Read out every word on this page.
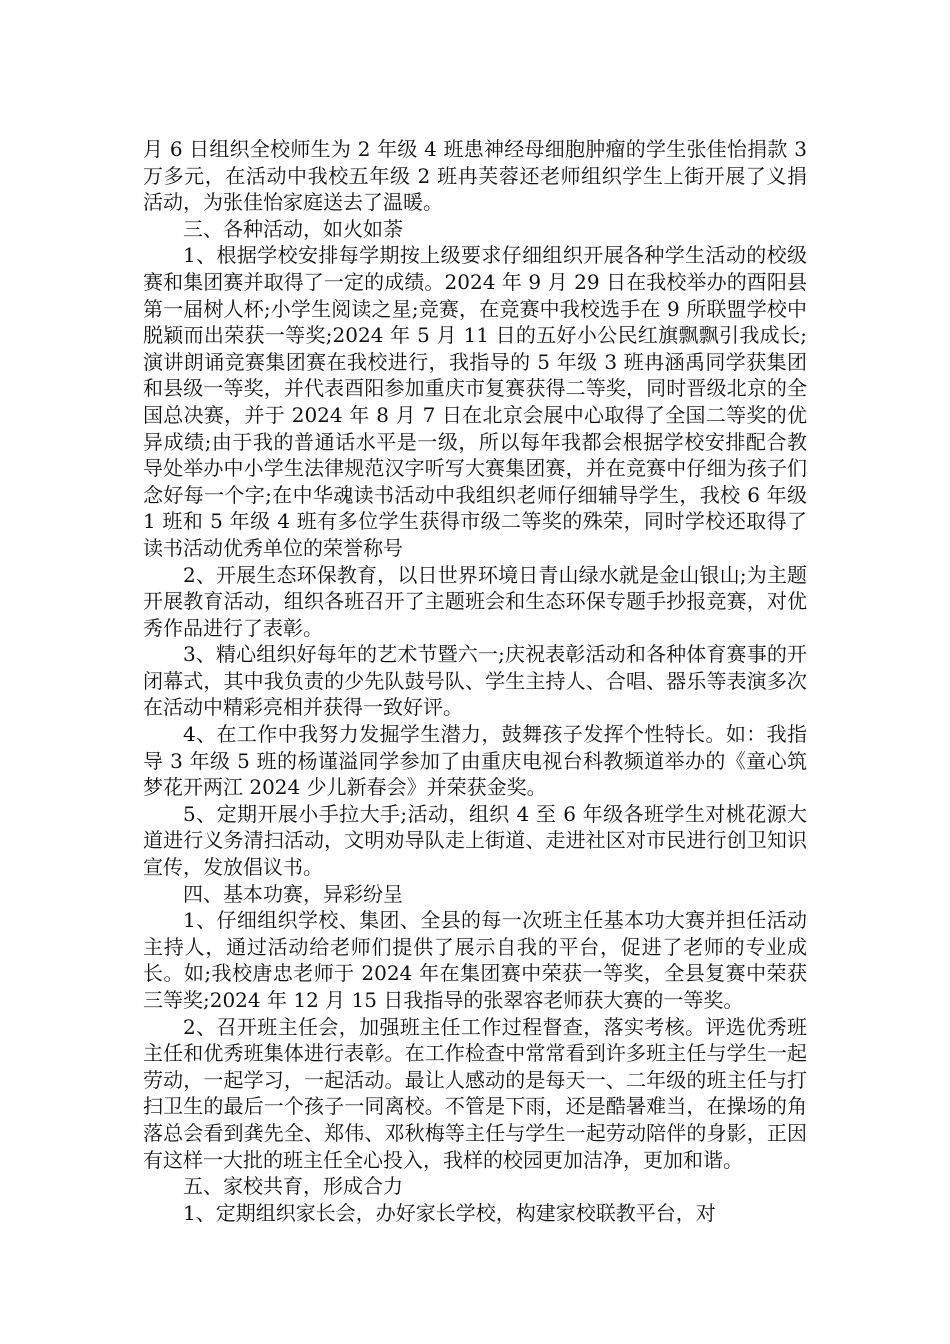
月 6 日组织全校师生为 2 年级 4 班患神经母细胞肿瘤的学生张佳怡捐款 3 万多元，在活动中我校五年级 2 班冉芙蓉还老师组织学生上街开展了义捐活动，为张佳怡家庭送去了温暖。

三、各种活动，如火如荼

1、根据学校安排每学期按上级要求仔细组织开展各种学生活动的校级赛和集团赛并取得了一定的成绩。2024 年 9 月 29 日在我校举办的酉阳县第一届树人杯;小学生阅读之星;竞赛，在竞赛中我校选手在 9 所联盟学校中脱颖而出荣获一等奖;2024 年 5 月 11 日的五好小公民红旗飘飘引我成长;演讲朗诵竞赛集团赛在我校进行，我指导的 5 年级 3 班冉涵禹同学获集团和县级一等奖，并代表酉阳参加重庆市复赛获得二等奖，同时晋级北京的全国总决赛，并于 2024 年 8 月 7 日在北京会展中心取得了全国二等奖的优异成绩;由于我的普通话水平是一级，所以每年我都会根据学校安排配合教导处举办中小学生法律规范汉字听写大赛集团赛，并在竞赛中仔细为孩子们念好每一个字;在中华魂读书活动中我组织老师仔细辅导学生，我校 6 年级 1 班和 5 年级 4 班有多位学生获得市级二等奖的殊荣，同时学校还取得了读书活动优秀单位的荣誉称号

2、开展生态环保教育，以日世界环境日青山绿水就是金山银山;为主题开展教育活动，组织各班召开了主题班会和生态环保专题手抄报竞赛，对优秀作品进行了表彰。

3、精心组织好每年的艺术节暨六一;庆祝表彰活动和各种体育赛事的开闭幕式，其中我负责的少先队鼓号队、学生主持人、合唱、器乐等表演多次在活动中精彩亮相并获得一致好评。

4、在工作中我努力发掘学生潜力，鼓舞孩子发挥个性特长。如：我指导 3 年级 5 班的杨谨溢同学参加了由重庆电视台科教频道举办的《童心筑梦花开两江 2024 少儿新春会》并荣获金奖。

5、定期开展小手拉大手;活动，组织 4 至 6 年级各班学生对桃花源大道进行义务清扫活动，文明劝导队走上街道、走进社区对市民进行创卫知识宣传，发放倡议书。

四、基本功赛，异彩纷呈

1、仔细组织学校、集团、全县的每一次班主任基本功大赛并担任活动主持人，通过活动给老师们提供了展示自我的平台，促进了老师的专业成长。如;我校唐忠老师于 2024 年在集团赛中荣获一等奖，全县复赛中荣获三等奖;2024 年 12 月 15 日我指导的张翠容老师获大赛的一等奖。

2、召开班主任会，加强班主任工作过程督查，落实考核。评选优秀班主任和优秀班集体进行表彰。在工作检查中常常看到许多班主任与学生一起劳动，一起学习，一起活动。最让人感动的是每天一、二年级的班主任与打扫卫生的最后一个孩子一同离校。不管是下雨，还是酷暑难当，在操场的角落总会看到龚先全、郑伟、邓秋梅等主任与学生一起劳动陪伴的身影，正因有这样一大批的班主任全心投入，我样的校园更加洁净，更加和谐。

五、家校共育，形成合力

1、定期组织家长会，办好家长学校，构建家校联教平台，对
